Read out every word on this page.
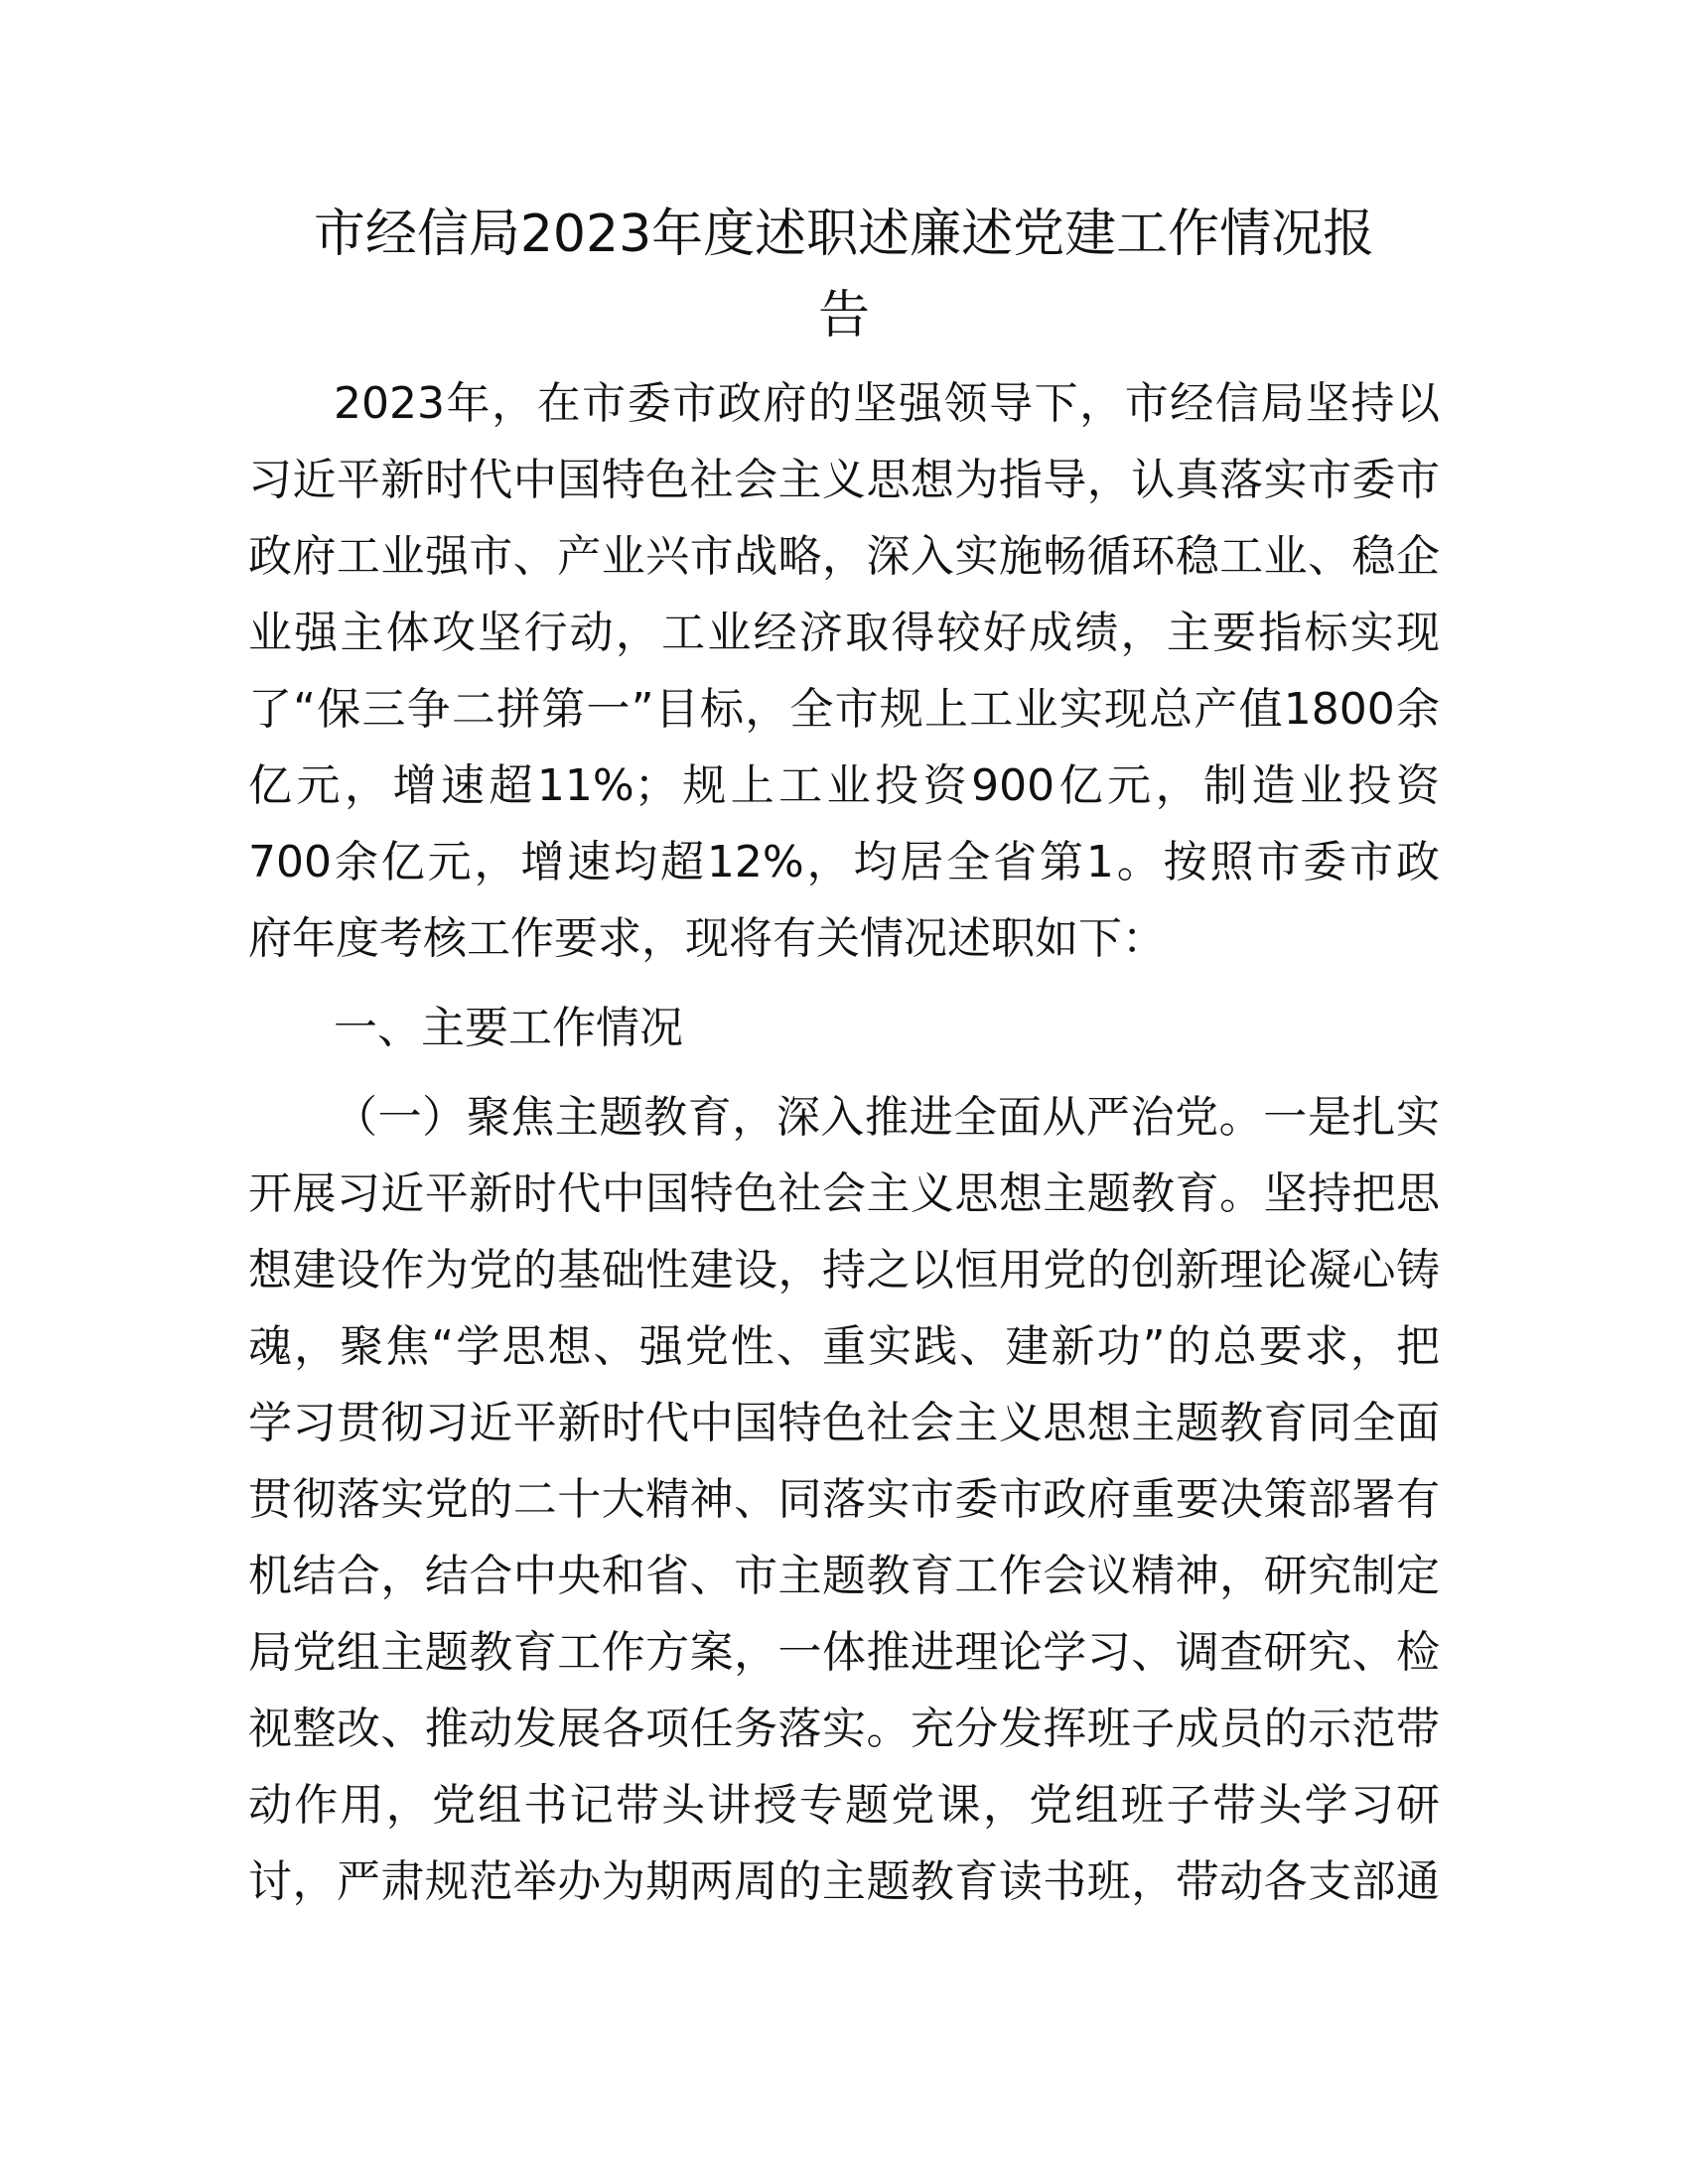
市经信局2023年度述职述廉述党建工作情况报
告
2023年，在市委市政府的坚强领导下，市经信局坚持以
习近平新时代中国特色社会主义思想为指导，认真落实市委市
政府工业强市、产业兴市战略，深入实施畅循环稳工业、稳企
业强主体攻坚行动，工业经济取得较好成绩，主要指标实现
了“保三争二拼第一”目标，全市规上工业实现总产值1800余
亿元，增速超11%；规上工业投资900亿元，制造业投资
700余亿元，增速均超12%，均居全省第1。按照市委市政
府年度考核工作要求，现将有关情况述职如下：
一、主要工作情况
（一）聚焦主题教育，深入推进全面从严治党。一是扎实
开展习近平新时代中国特色社会主义思想主题教育。坚持把思
想建设作为党的基础性建设，持之以恒用党的创新理论凝心铸
魂，聚焦“学思想、强党性、重实践、建新功”的总要求，把
学习贯彻习近平新时代中国特色社会主义思想主题教育同全面
贯彻落实党的二十大精神、同落实市委市政府重要决策部署有
机结合，结合中央和省、市主题教育工作会议精神，研究制定
局党组主题教育工作方案，一体推进理论学习、调查研究、检
视整改、推动发展各项任务落实。充分发挥班子成员的示范带
动作用，党组书记带头讲授专题党课，党组班子带头学习研
讨，严肃规范举办为期两周的主题教育读书班，带动各支部通
